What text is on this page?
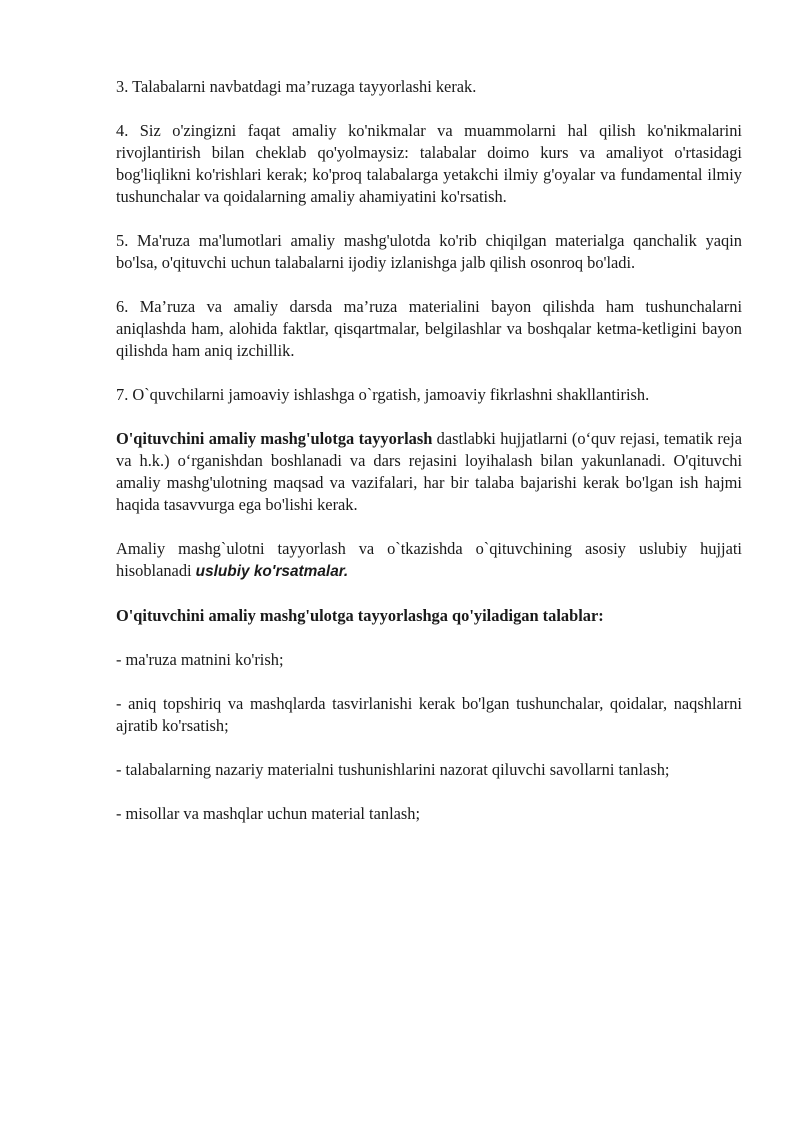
3. Talabalarni navbatdagi ma’ruzaga tayyorlashi kerak.

4. Siz o'zingizni faqat amaliy ko'nikmalar va muammolarni hal qilish ko'nikmalarini rivojlantirish bilan cheklab qo'yolmaysiz: talabalar doimo kurs va amaliyot o'rtasidagi bog'liqlikni ko'rishlari kerak; ko'proq talabalarga yetakchi ilmiy g'oyalar va fundamental ilmiy tushunchalar va qoidalarning amaliy ahamiyatini ko'rsatish.

5. Ma'ruza ma'lumotlari amaliy mashg'ulotda ko'rib chiqilgan materialga qanchalik yaqin bo'lsa, o'qituvchi uchun talabalarni ijodiy izlanishga jalb qilish osonroq bo'ladi.

6. Ma’ruza va amaliy darsda ma’ruza materialini bayon qilishda ham tushunchalarni aniqlashda ham, alohida faktlar, qisqartmalar, belgilashlar va boshqalar ketma-ketligini bayon qilishda ham aniq izchillik.

7. O`quvchilarni jamoaviy ishlashga o`rgatish, jamoaviy fikrlashni shakllantirish.

O'qituvchini amaliy mashg'ulotga tayyorlash dastlabki hujjatlarni (o‘quv rejasi, tematik reja va h.k.) o‘rganishdan boshlanadi va dars rejasini loyihalash bilan yakunlanadi. O'qituvchi amaliy mashg'ulotning maqsad va vazifalari, har bir talaba bajarishi kerak bo'lgan ish hajmi haqida tasavvurga ega bo'lishi kerak.

Amaliy mashg`ulotni tayyorlash va o`tkazishda o`qituvchining asosiy uslubiy hujjati hisoblanadi uslubiy ko'rsatmalar.

O'qituvchini amaliy mashg'ulotga tayyorlashga qo'yiladigan talablar:

- ma'ruza matnini ko'rish;

- aniq topshiriq va mashqlarda tasvirlanishi kerak bo'lgan tushunchalar, qoidalar, naqshlarni ajratib ko'rsatish;

- talabalarning nazariy materialni tushunishlarini nazorat qiluvchi savollarni tanlash;

- misollar va mashqlar uchun material tanlash;
